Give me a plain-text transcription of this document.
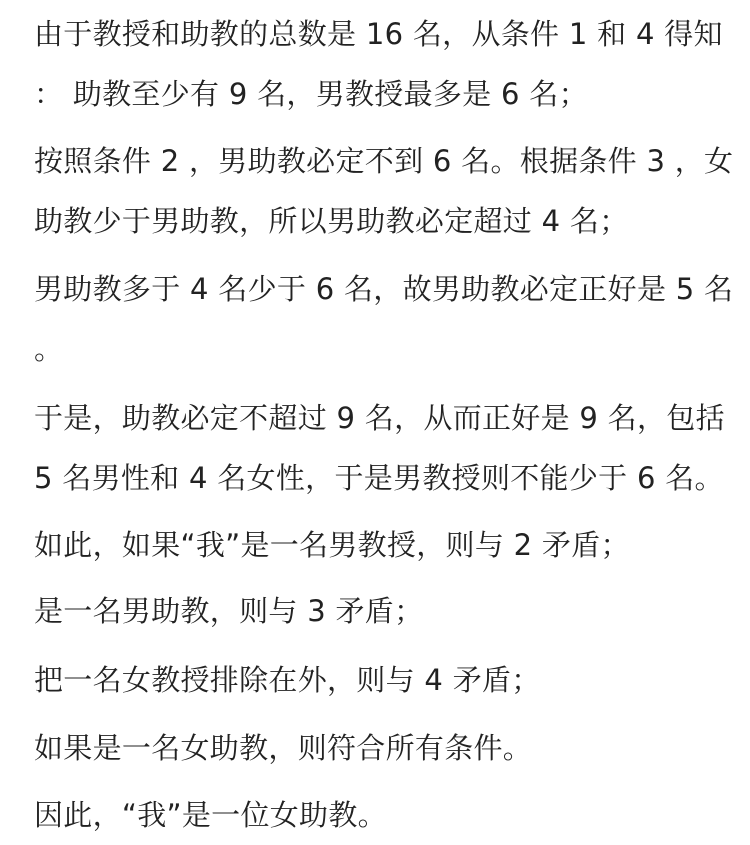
由于教授和助教的总数是 16 名，从条件 1 和 4 得知
： 助教至少有 9 名，男教授最多是 6 名；
按照条件 2 ，男助教必定不到 6 名。根据条件 3 ，女
助教少于男助教，所以男助教必定超过 4 名；
男助教多于 4 名少于 6 名，故男助教必定正好是 5 名
。
于是，助教必定不超过 9 名，从而正好是 9 名，包括
5 名男性和 4 名女性，于是男教授则不能少于 6 名。
如此，如果“我”是一名男教授，则与 2 矛盾；
是一名男助教，则与 3 矛盾；
把一名女教授排除在外，则与 4 矛盾；
如果是一名女助教，则符合所有条件。
因此，“我”是一位女助教。
